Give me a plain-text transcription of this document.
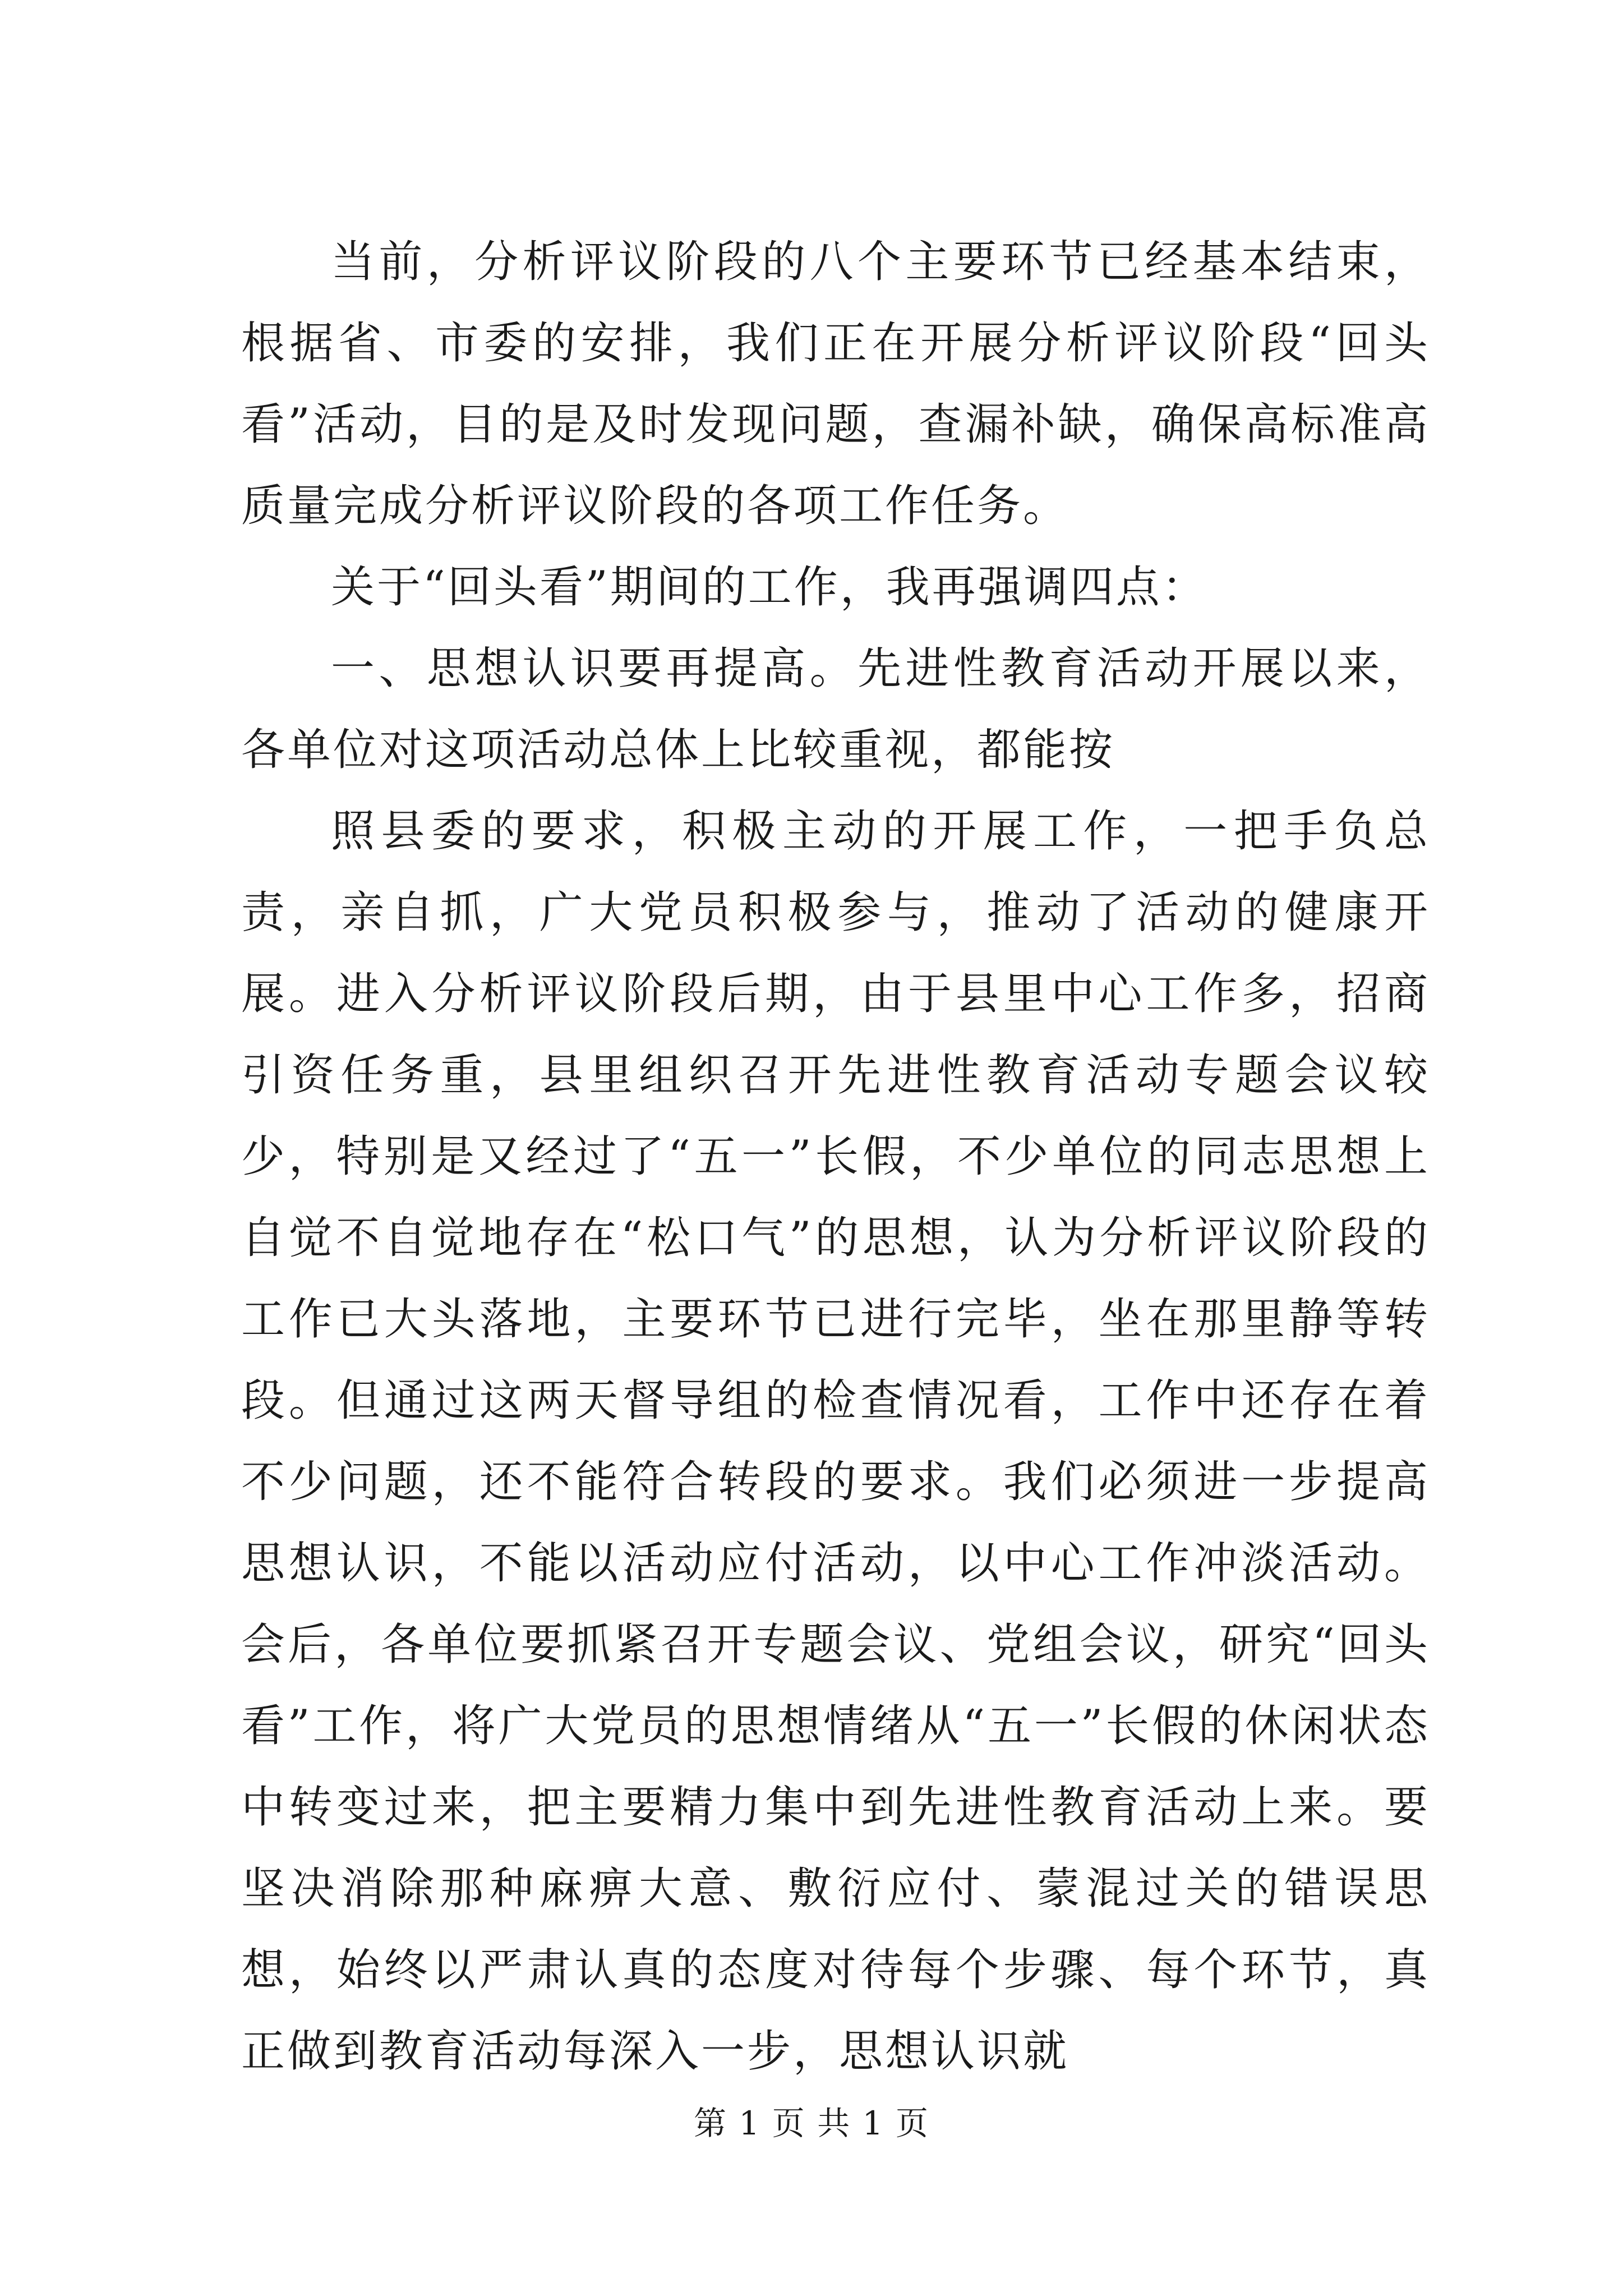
当前，分析评议阶段的八个主要环节已经基本结束，根据省、市委的安排，我们正在开展分析评议阶段“回头看”活动，目的是及时发现问题，查漏补缺，确保高标准高质量完成分析评议阶段的各项工作任务。

关于“回头看”期间的工作，我再强调四点：

一、思想认识要再提高。先进性教育活动开展以来，各单位对这项活动总体上比较重视，都能按

照县委的要求，积极主动的开展工作，一把手负总责，亲自抓，广大党员积极参与，推动了活动的健康开展。进入分析评议阶段后期，由于县里中心工作多，招商引资任务重，县里组织召开先进性教育活动专题会议较少，特别是又经过了“五一”长假，不少单位的同志思想上自觉不自觉地存在“松口气”的思想，认为分析评议阶段的工作已大头落地，主要环节已进行完毕，坐在那里静等转段。但通过这两天督导组的检查情况看，工作中还存在着不少问题，还不能符合转段的要求。我们必须进一步提高思想认识，不能以活动应付活动，以中心工作冲淡活动。会后，各单位要抓紧召开专题会议、党组会议，研究“回头看”工作，将广大党员的思想情绪从“五一”长假的休闲状态中转变过来，把主要精力集中到先进性教育活动上来。要坚决消除那种麻痹大意、敷衍应付、蒙混过关的错误思想，始终以严肃认真的态度对待每个步骤、每个环节，真正做到教育活动每深入一步，思想认识就

第 1 页 共 1 页
